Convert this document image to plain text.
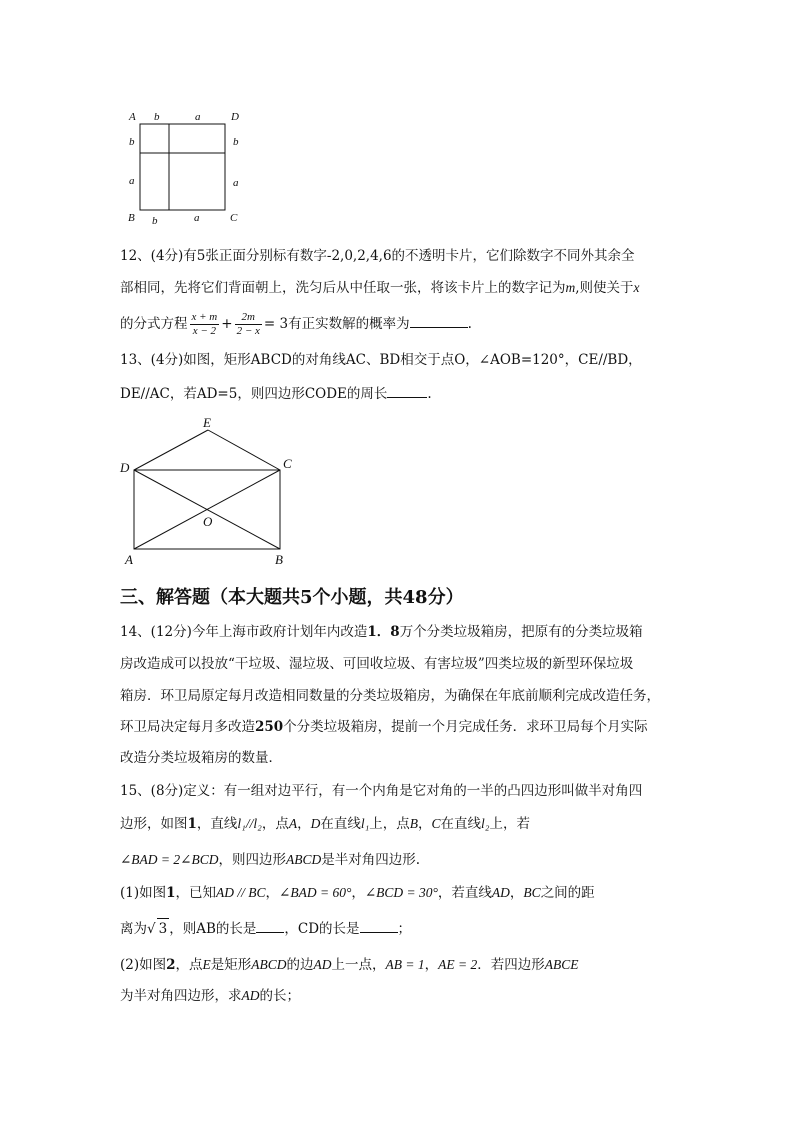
A b	a	D
b	b
a	a
B b	a	C
12、(4分)有5张正面分别标有数字-2,0,2,4,6的不透明卡片，它们除数字不同外其余全
部相同，先将它们背面朝上，洗匀后从中任取一张，将该卡片上的数字记为m,则使关于x
的分式方程 $\frac{x + m}{x - 2} + \frac{2m}{2 - x} = 3$有正实数解的概率为	.
13、(4分)如图，矩形ABCD的对角线AC、BD相交于点O，∠AOB=120°，CE//BD，
DE//AC，若AD=5，则四边形CODE的周长	.
E
D	C
O
A	B
三、解答题（本大题共5个小题，共48分）
14、(12分)今年上海市政府计划年内改造1．8万个分类垃圾箱房，把原有的分类垃圾箱
房改造成可以投放“干垃圾、湿垃圾、可回收垃圾、有害垃圾”四类垃圾的新型环保垃圾
箱房．环卫局原定每月改造相同数量的分类垃圾箱房，为确保在年底前顺利完成改造任务，
环卫局决定每月多改造250个分类垃圾箱房，提前一个月完成任务．求环卫局每个月实际
改造分类垃圾箱房的数量．
15、(8分)定义：有一组对边平行，有一个内角是它对角的一半的凸四边形叫做半对角四
边形，如图1，直线l₁//l₂，点A，D在直线l₁上，点B，C在直线l₂上，若
∠BAD = 2∠BCD，则四边形ABCD是半对角四边形.
(1)如图1，已知AD // BC，∠BAD = 60°，∠BCD = 30°，若直线AD，BC之间的距
离为√ 3 ，则AB的长是 ，CD的长是	；
(2)如图2，点E是矩形ABCD的边AD上一点，AB = 1，AE = 2．若四边形ABCE
为半对角四边形，求AD的长；
